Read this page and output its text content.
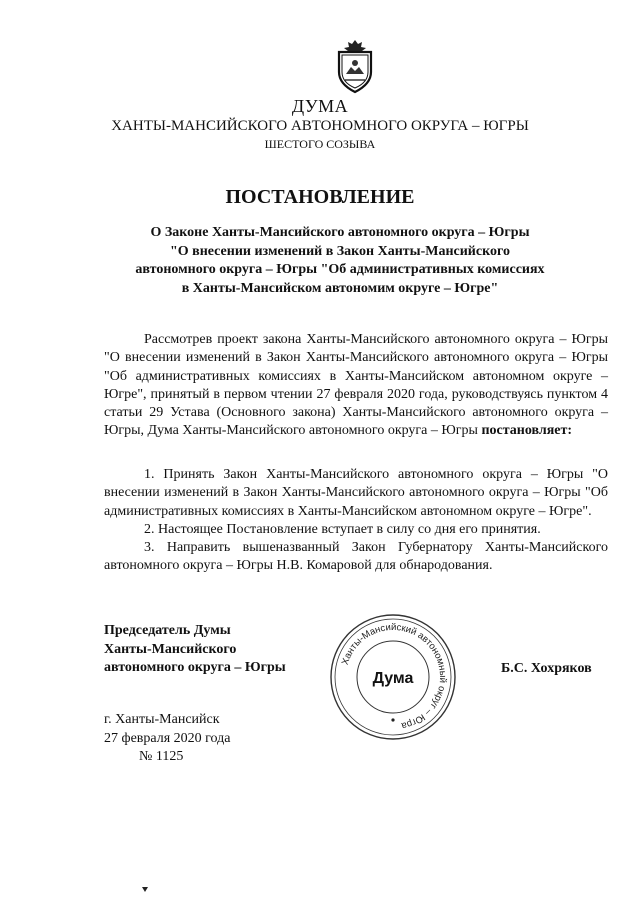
ДУМА
ХАНТЫ-МАНСИЙСКОГО АВТОНОМНОГО ОКРУГА – ЮГРЫ
ШЕСТОГО СОЗЫВА
ПОСТАНОВЛЕНИЕ
О Законе Ханты-Мансийского автономного округа – Югры
"О внесении изменений в Закон Ханты-Мансийского
автономного округа – Югры "Об административных комиссиях
в Ханты-Мансийском автономим округе – Югре"

Рассмотрев проект закона Ханты-Мансийского автономного округа – Югры "О внесении изменений в Закон Ханты-Мансийского автономного округа – Югры "Об административных комиссиях в Ханты-Мансийском автономном округе – Югре", принятый в первом чтении 27 февраля 2020 года, руководствуясь пунктом 4 статьи 29 Устава (Основного закона) Ханты-Мансийского автономного округа – Югры, Дума Ханты-Мансийского автономного округа – Югры постановляет:

1. Принять Закон Ханты-Мансийского автономного округа – Югры "О внесении изменений в Закон Ханты-Мансийского автономного округа – Югры "Об административных комиссиях в Ханты-Мансийском автономном округе – Югре".

2. Настоящее Постановление вступает в силу со дня его принятия.

3. Направить вышеназванный Закон Губернатору Ханты-Мансийского автономного округа – Югры Н.В. Комаровой для обнародования.

Председатель Думы
Ханты-Мансийского
автономного округа – Югры	Ханты-Мансийский автономный округ – Югра
Дума
Б.С. Хохряков
г. Ханты-Мансийск
27 февраля 2020 года
№ 1125
